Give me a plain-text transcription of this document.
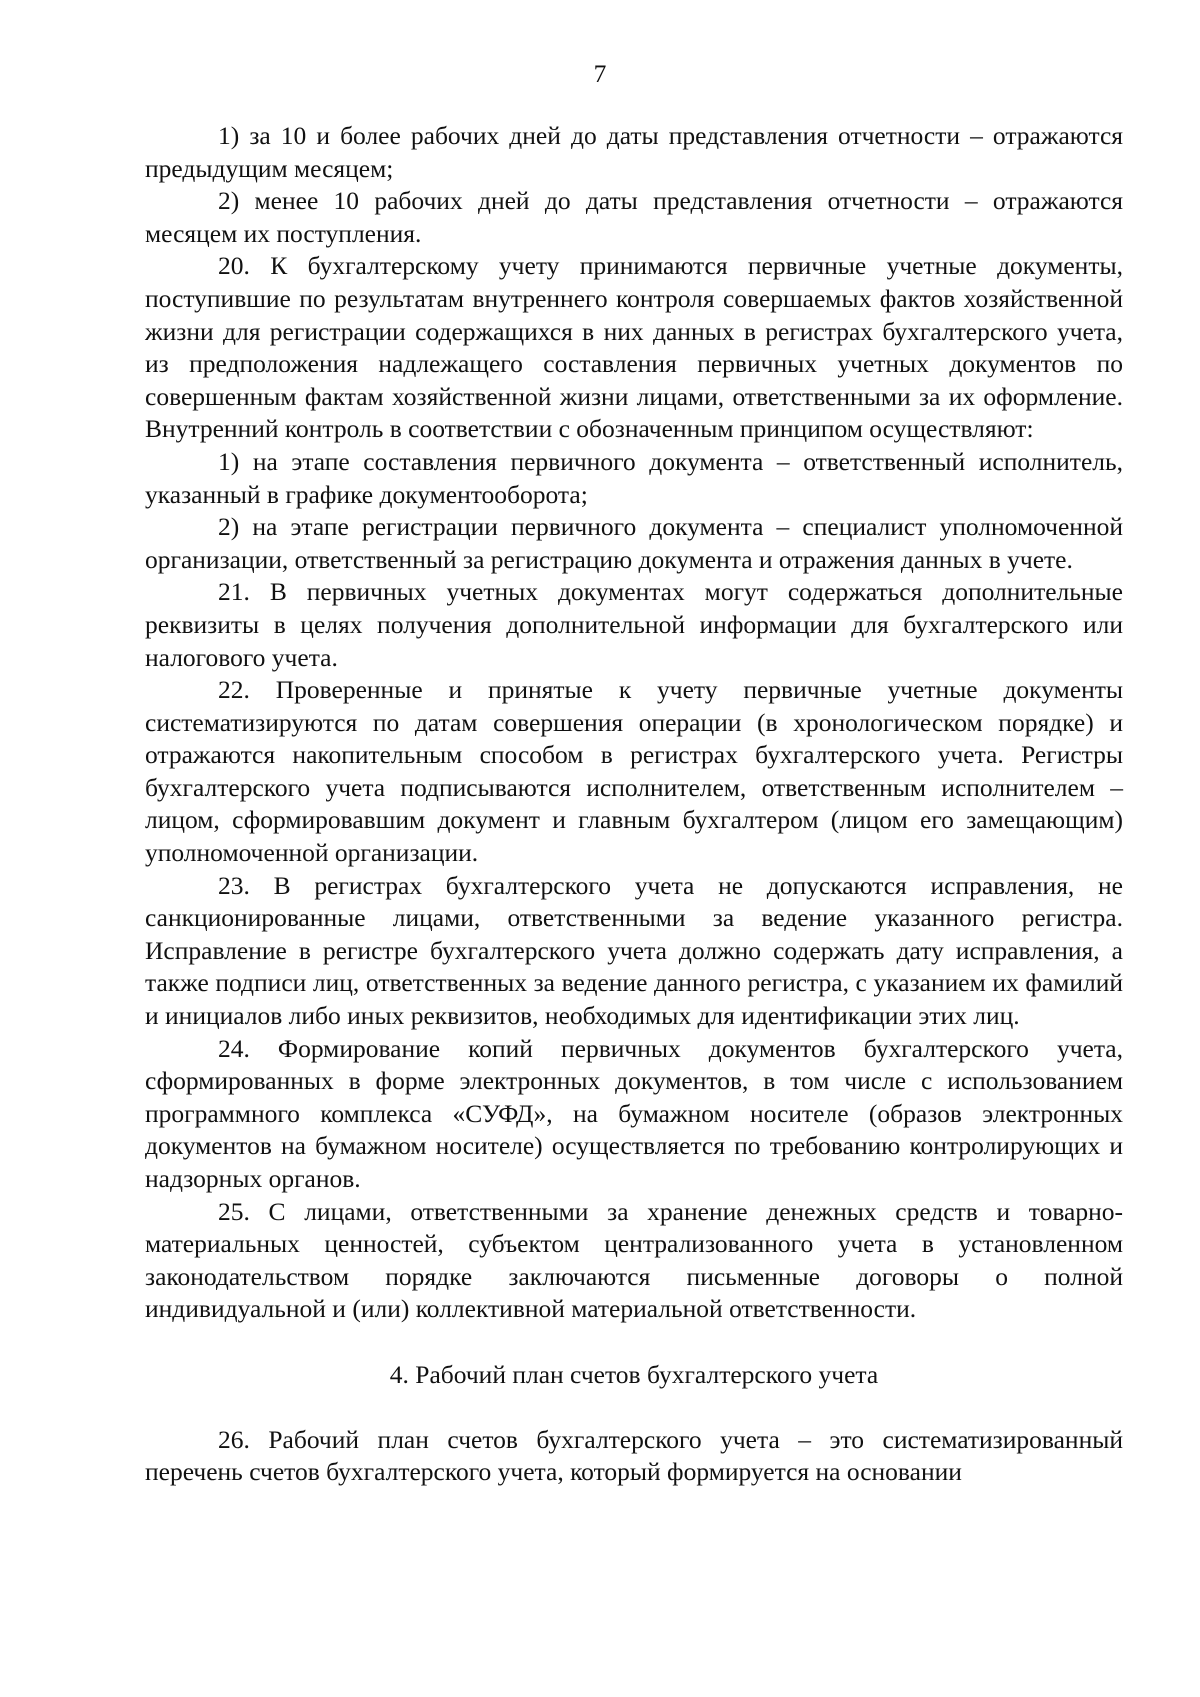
7

1) за 10 и более рабочих дней до даты представления отчетности – отражаются предыдущим месяцем;

2) менее 10 рабочих дней до даты представления отчетности – отражаются месяцем их поступления.

20. К бухгалтерскому учету принимаются первичные учетные документы, поступившие по результатам внутреннего контроля совершаемых фактов хозяйственной жизни для регистрации содержащихся в них данных в регистрах бухгалтерского учета, из предположения надлежащего составления первичных учетных документов по совершенным фактам хозяйственной жизни лицами, ответственными за их оформление. Внутренний контроль в соответствии с обозначенным принципом осуществляют:

1) на этапе составления первичного документа – ответственный исполнитель, указанный в графике документооборота;

2) на этапе регистрации первичного документа – специалист уполномоченной организации, ответственный за регистрацию документа и отражения данных в учете.

21. В первичных учетных документах могут содержаться дополнительные реквизиты в целях получения дополнительной информации для бухгалтерского или налогового учета.

22. Проверенные и принятые к учету первичные учетные документы систематизируются по датам совершения операции (в хронологическом порядке) и отражаются накопительным способом в регистрах бухгалтерского учета. Регистры бухгалтерского учета подписываются исполнителем, ответственным исполнителем – лицом, сформировавшим документ и главным бухгалтером (лицом его замещающим) уполномоченной организации.

23. В регистрах бухгалтерского учета не допускаются исправления, не санкционированные лицами, ответственными за ведение указанного регистра. Исправление в регистре бухгалтерского учета должно содержать дату исправления, а также подписи лиц, ответственных за ведение данного регистра, с указанием их фамилий и инициалов либо иных реквизитов, необходимых для идентификации этих лиц.

24. Формирование копий первичных документов бухгалтерского учета, сформированных в форме электронных документов, в том числе с использованием программного комплекса «СУФД», на бумажном носителе (образов электронных документов на бумажном носителе) осуществляется по требованию контролирующих и надзорных органов.

25. С лицами, ответственными за хранение денежных средств и товарно-материальных ценностей, субъектом централизованного учета в установленном законодательством порядке заключаются письменные договоры о полной индивидуальной и (или) коллективной материальной ответственности.

4. Рабочий план счетов бухгалтерского учета

26. Рабочий план счетов бухгалтерского учета – это систематизированный перечень счетов бухгалтерского учета, который формируется на основании
